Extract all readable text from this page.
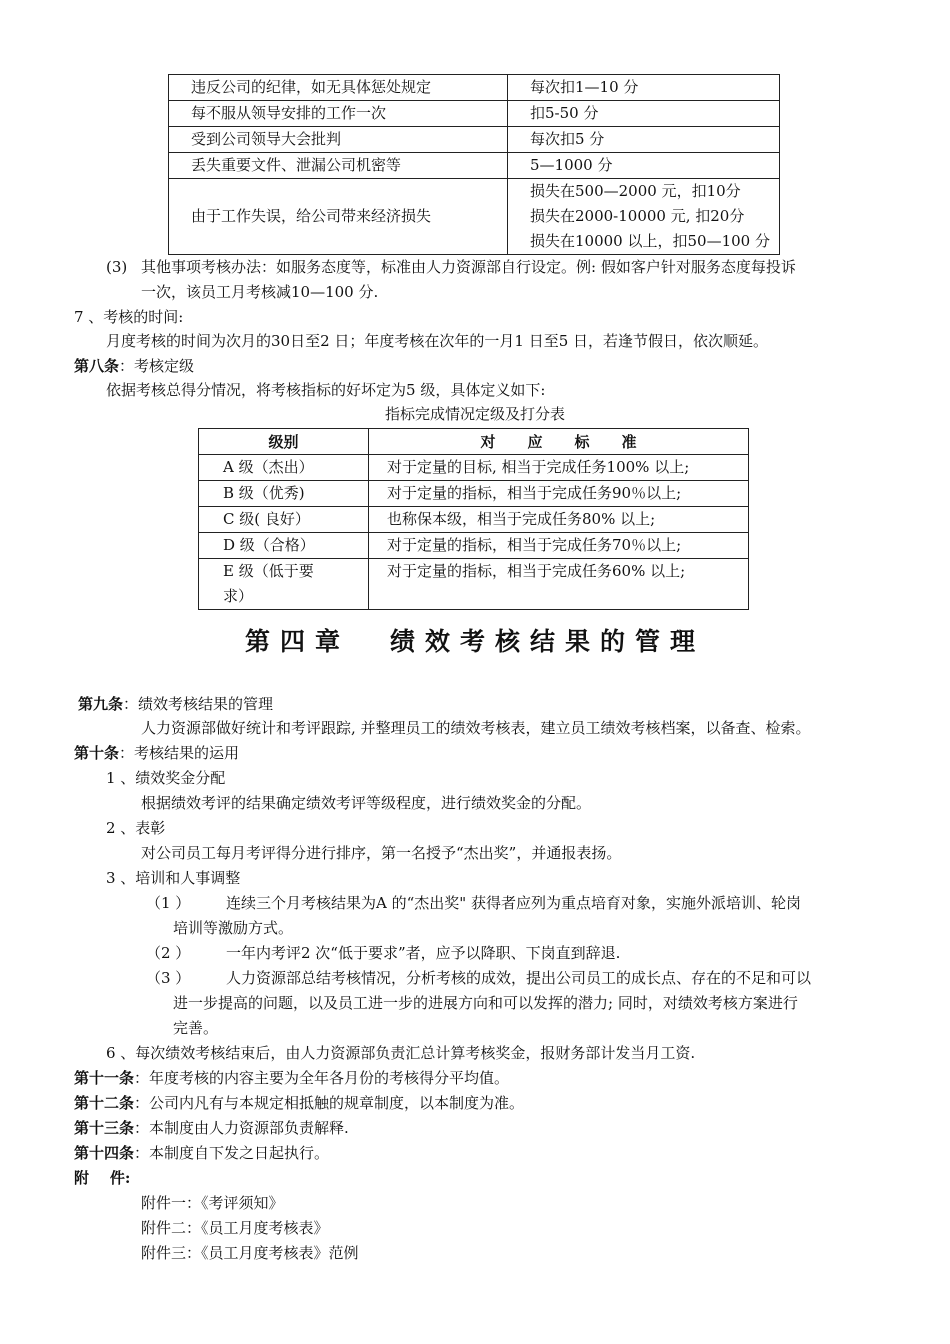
违反公司的纪律，如无具体惩处规定	每次扣1—10 分
每不服从领导安排的工作一次	扣5-50 分
受到公司领导大会批判	每次扣5 分
丢失重要文件、泄漏公司机密等	5—1000 分
由于工作失误，给公司带来经济损失	损失在500—2000 元，扣10分
损失在2000-10000 元, 扣20分
损失在10000 以上，扣50—100 分
(3) 其他事项考核办法：如服务态度等，标准由人力资源部自行设定。例: 假如客户针对服务态度每投诉
一次，该员工月考核减10—100 分.
7 、考核的时间:
月度考核的时间为次月的30日至2 日；年度考核在次年的一月1 日至5 日，若逢节假日，依次顺延。
第八条：考核定级
依据考核总得分情况，将考核指标的好坏定为5 级，具体定义如下:
指标完成情况定级及打分表
级别	对 应 标 准
A 级（杰出）	对于定量的目标, 相当于完成任务100% 以上;
B 级（优秀)	对于定量的指标，相当于完成任务90％以上;
C 级( 良好）	也称保本级，相当于完成任务80% 以上;
D 级（合格）	对于定量的指标，相当于完成任务70％以上;

E 级（低于要
求）	对于定量的指标，相当于完成任务60% 以上;
第四章 绩效考核结果的管理
第九条：绩效考核结果的管理
人力资源部做好统计和考评跟踪, 并整理员工的绩效考核表，建立员工绩效考核档案，以备查、检索。
第十条：考核结果的运用
1 、绩效奖金分配
根据绩效考评的结果确定绩效考评等级程度，进行绩效奖金的分配。
2 、表彰
对公司员工每月考评得分进行排序，第一名授予“杰出奖”，并通报表扬。
3 、培训和人事调整
（1 ） 连续三个月考核结果为A 的“杰出奖" 获得者应列为重点培育对象，实施外派培训、轮岗
培训等激励方式。
（2 ） 一年内考评2 次“低于要求”者，应予以降职、下岗直到辞退.
（3 ） 人力资源部总结考核情况，分析考核的成效，提出公司员工的成长点、存在的不足和可以
进一步提高的问题，以及员工进一步的进展方向和可以发挥的潜力; 同时，对绩效考核方案进行
完善。
6 、每次绩效考核结束后，由人力资源部负责汇总计算考核奖金，报财务部计发当月工资.
第十一条：年度考核的内容主要为全年各月份的考核得分平均值。
第十二条：公司内凡有与本规定相抵触的规章制度，以本制度为准。
第十三条：本制度由人力资源部负责解释.
第十四条：本制度自下发之日起执行。
附    件:
附件一：《考评须知》
附件二：《员工月度考核表》
附件三：《员工月度考核表》范例
